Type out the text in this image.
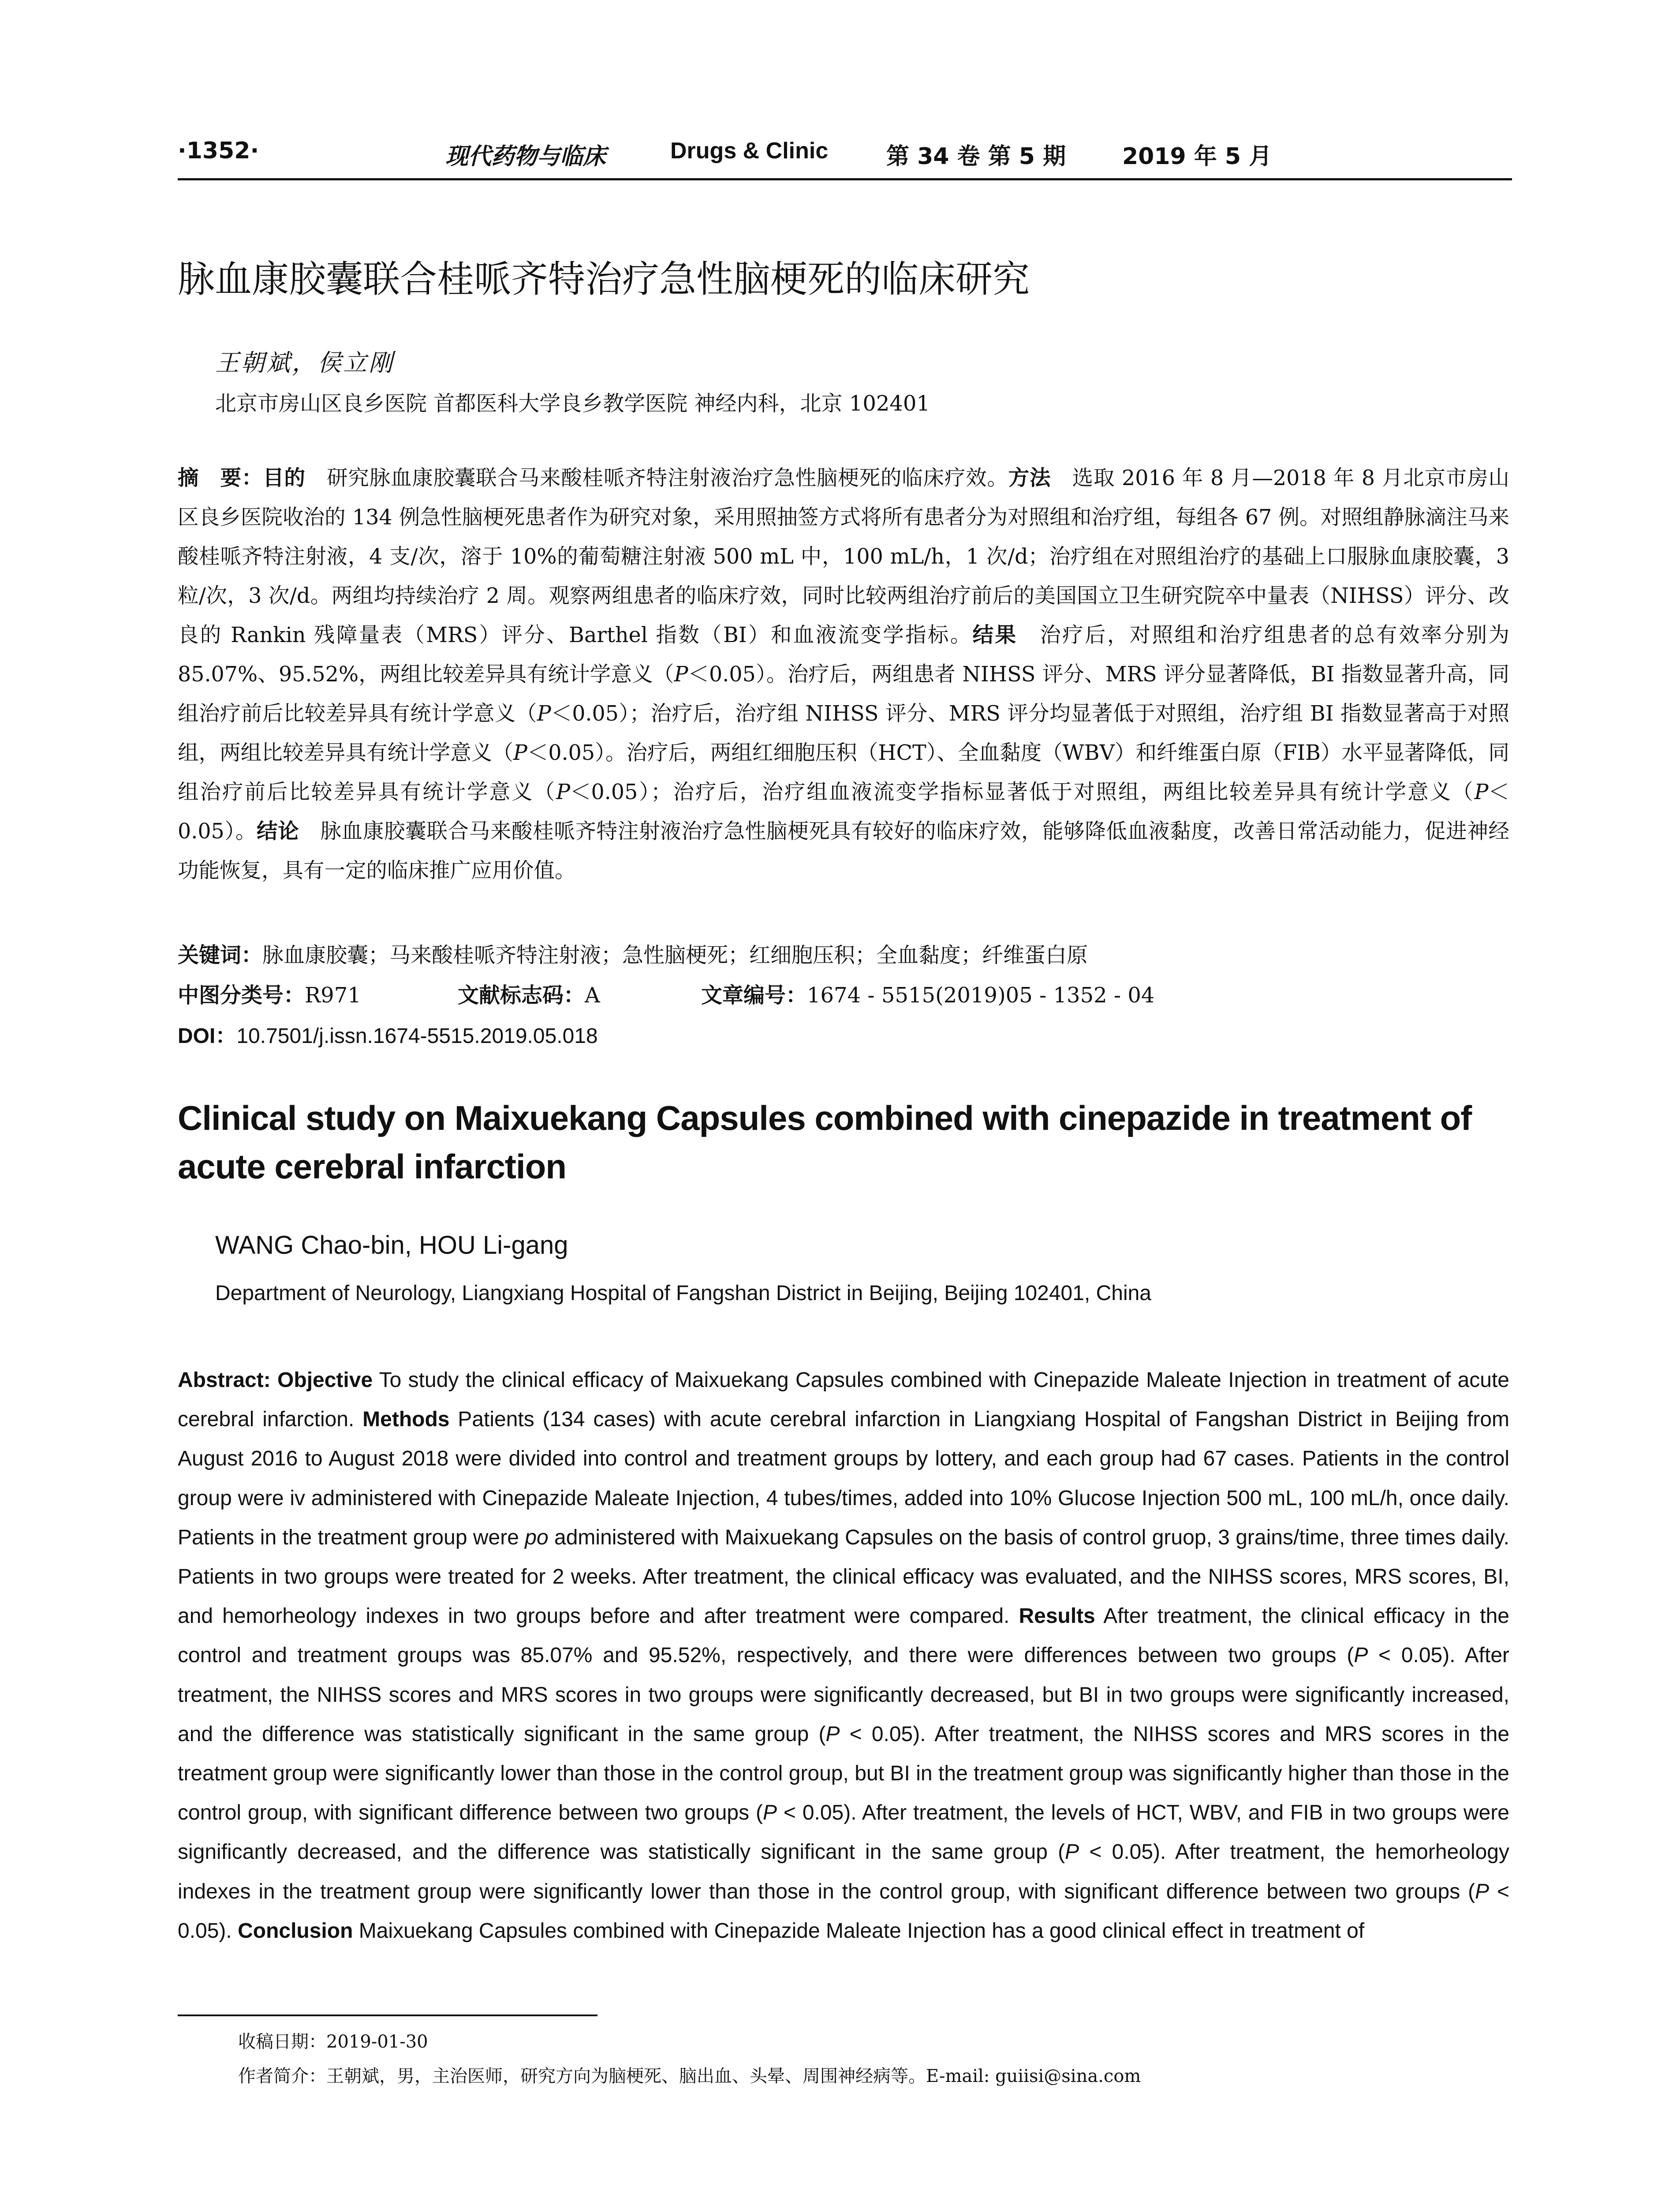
·1352·	现代药物与临床	Drugs & Clinic	第 34 卷 第 5 期 2019 年 5 月
脉血康胶囊联合桂哌齐特治疗急性脑梗死的临床研究
王朝斌，侯立刚
北京市房山区良乡医院 首都医科大学良乡教学医院 神经内科，北京 102401
摘　要：目的　研究脉血康胶囊联合马来酸桂哌齐特注射液治疗急性脑梗死的临床疗效。方法　选取 2016 年 8 月—2018 年 8 月北京市房山区良乡医院收治的 134 例急性脑梗死患者作为研究对象，采用照抽签方式将所有患者分为对照组和治疗组，每组各 67 例。对照组静脉滴注马来酸桂哌齐特注射液，4 支/次，溶于 10%的葡萄糖注射液 500 mL 中，100 mL/h，1 次/d；治疗组在对照组治疗的基础上口服脉血康胶囊，3 粒/次，3 次/d。两组均持续治疗 2 周。观察两组患者的临床疗效，同时比较两组治疗前后的美国国立卫生研究院卒中量表（NIHSS）评分、改良的 Rankin 残障量表（MRS）评分、Barthel 指数（BI）和血液流变学指标。结果　治疗后，对照组和治疗组患者的总有效率分别为 85.07%、95.52%，两组比较差异具有统计学意义（P＜0.05）。治疗后，两组患者 NIHSS 评分、MRS 评分显著降低，BI 指数显著升高，同组治疗前后比较差异具有统计学意义（P＜0.05）；治疗后，治疗组 NIHSS 评分、MRS 评分均显著低于对照组，治疗组 BI 指数显著高于对照组，两组比较差异具有统计学意义（P＜0.05）。治疗后，两组红细胞压积（HCT）、全血黏度（WBV）和纤维蛋白原（FIB）水平显著降低，同组治疗前后比较差异具有统计学意义（P＜0.05）；治疗后，治疗组血液流变学指标显著低于对照组，两组比较差异具有统计学意义（P＜0.05）。结论　脉血康胶囊联合马来酸桂哌齐特注射液治疗急性脑梗死具有较好的临床疗效，能够降低血液黏度，改善日常活动能力，促进神经功能恢复，具有一定的临床推广应用价值。
关键词：脉血康胶囊；马来酸桂哌齐特注射液；急性脑梗死；红细胞压积；全血黏度；纤维蛋白原
中图分类号：R971	文献标志码：A	文章编号：1674 - 5515(2019)05 - 1352 - 04
DOI：10.7501/j.issn.1674-5515.2019.05.018
Clinical study on Maixuekang Capsules combined with cinepazide in treatment of acute cerebral infarction
WANG Chao-bin, HOU Li-gang
Department of Neurology, Liangxiang Hospital of Fangshan District in Beijing, Beijing 102401, China
Abstract: Objective To study the clinical efficacy of Maixuekang Capsules combined with Cinepazide Maleate Injection in treatment of acute cerebral infarction. Methods Patients (134 cases) with acute cerebral infarction in Liangxiang Hospital of Fangshan District in Beijing from August 2016 to August 2018 were divided into control and treatment groups by lottery, and each group had 67 cases. Patients in the control group were iv administered with Cinepazide Maleate Injection, 4 tubes/times, added into 10% Glucose Injection 500 mL, 100 mL/h, once daily. Patients in the treatment group were po administered with Maixuekang Capsules on the basis of control gruop, 3 grains/time, three times daily. Patients in two groups were treated for 2 weeks. After treatment, the clinical efficacy was evaluated, and the NIHSS scores, MRS scores, BI, and hemorheology indexes in two groups before and after treatment were compared. Results After treatment, the clinical efficacy in the control and treatment groups was 85.07% and 95.52%, respectively, and there were differences between two groups (P < 0.05). After treatment, the NIHSS scores and MRS scores in two groups were significantly decreased, but BI in two groups were significantly increased, and the difference was statistically significant in the same group (P < 0.05). After treatment, the NIHSS scores and MRS scores in the treatment group were significantly lower than those in the control group, but BI in the treatment group was significantly higher than those in the control group, with significant difference between two groups (P < 0.05). After treatment, the levels of HCT, WBV, and FIB in two groups were significantly decreased, and the difference was statistically significant in the same group (P < 0.05). After treatment, the hemorheology indexes in the treatment group were significantly lower than those in the control group, with significant difference between two groups (P < 0.05). Conclusion Maixuekang Capsules combined with Cinepazide Maleate Injection has a good clinical effect in treatment of
收稿日期：2019-01-30
作者简介：王朝斌，男，主治医师，研究方向为脑梗死、脑出血、头晕、周围神经病等。E-mail: guiisi@sina.com
